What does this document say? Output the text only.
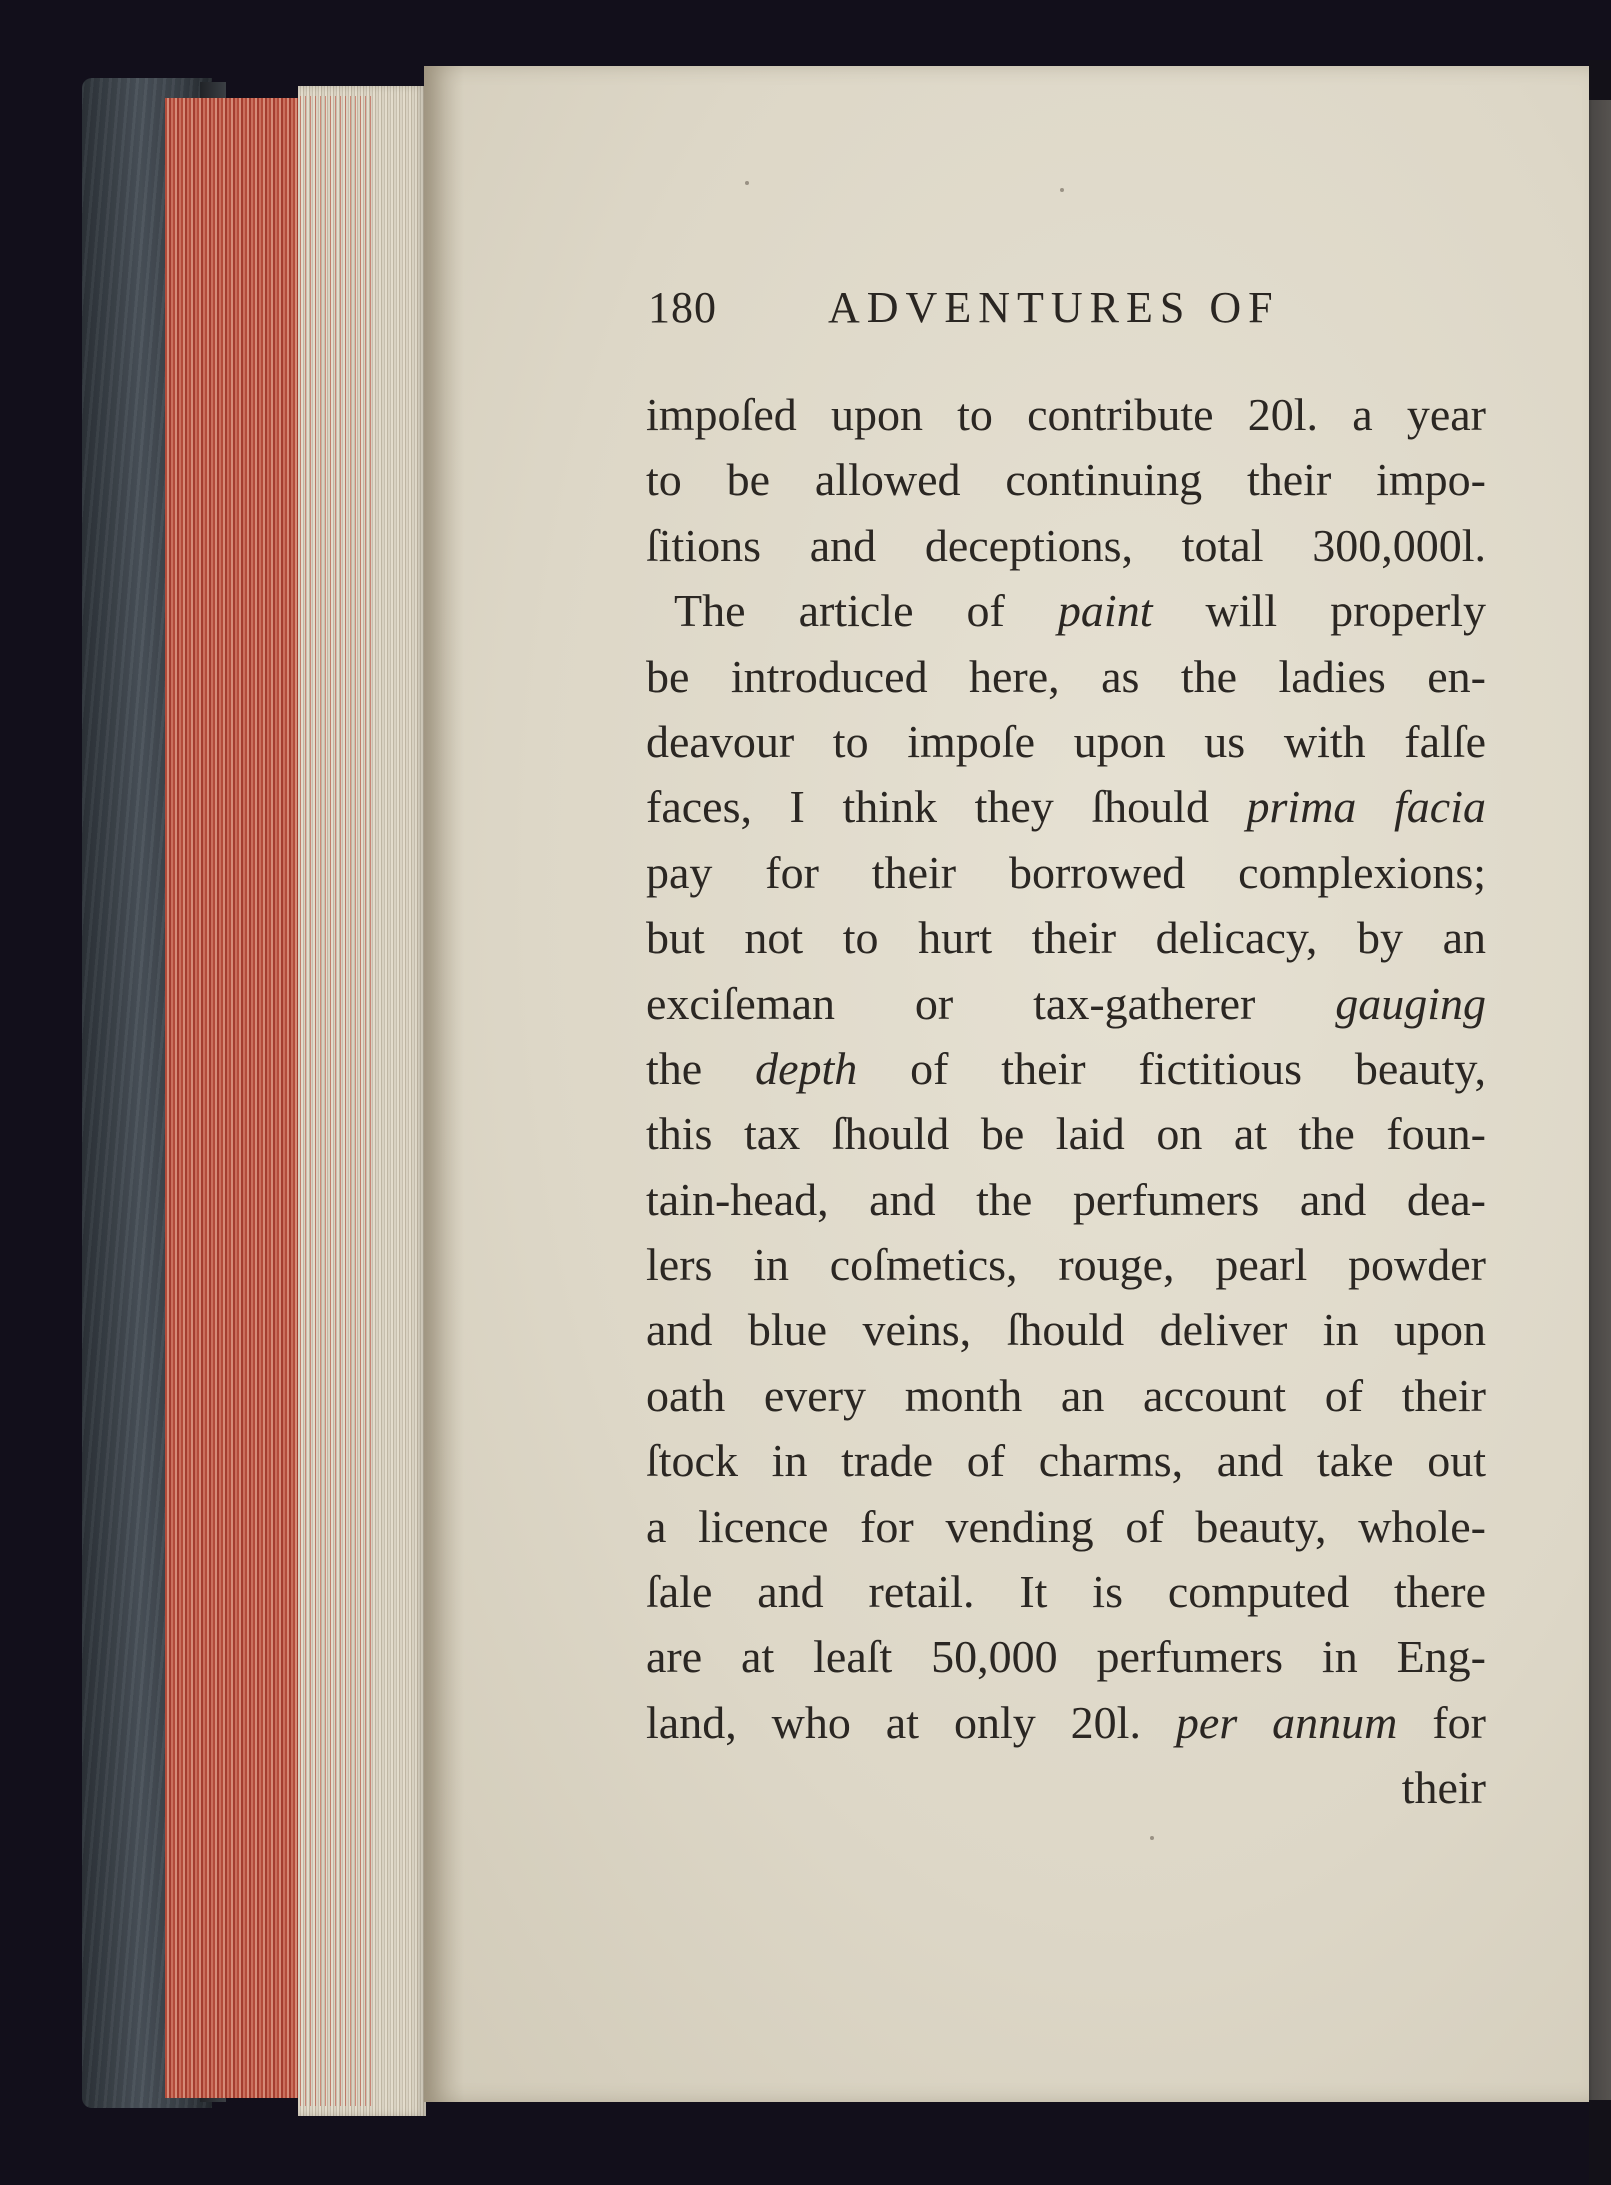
180	ADVENTURES OF
impoſed upon to contribute 20l. a year
to be allowed continuing their impo-
ſitions and deceptions, total 300,000l.
The article of paint will properly
be introduced here, as the ladies en-
deavour to impoſe upon us with falſe
faces, I think they ſhould prima facia
pay for their borrowed complexions;
but not to hurt their delicacy, by an
exciſeman or tax-gatherer gauging
the depth of their fictitious beauty,
this tax ſhould be laid on at the foun-
tain-head, and the perfumers and dea-
lers in coſmetics, rouge, pearl powder
and blue veins, ſhould deliver in upon
oath every month an account of their
ſtock in trade of charms, and take out
a licence for vending of beauty, whole-
ſale and retail. It is computed there
are at leaſt 50,000 perfumers in Eng-
land, who at only 20l. per annum for
their
